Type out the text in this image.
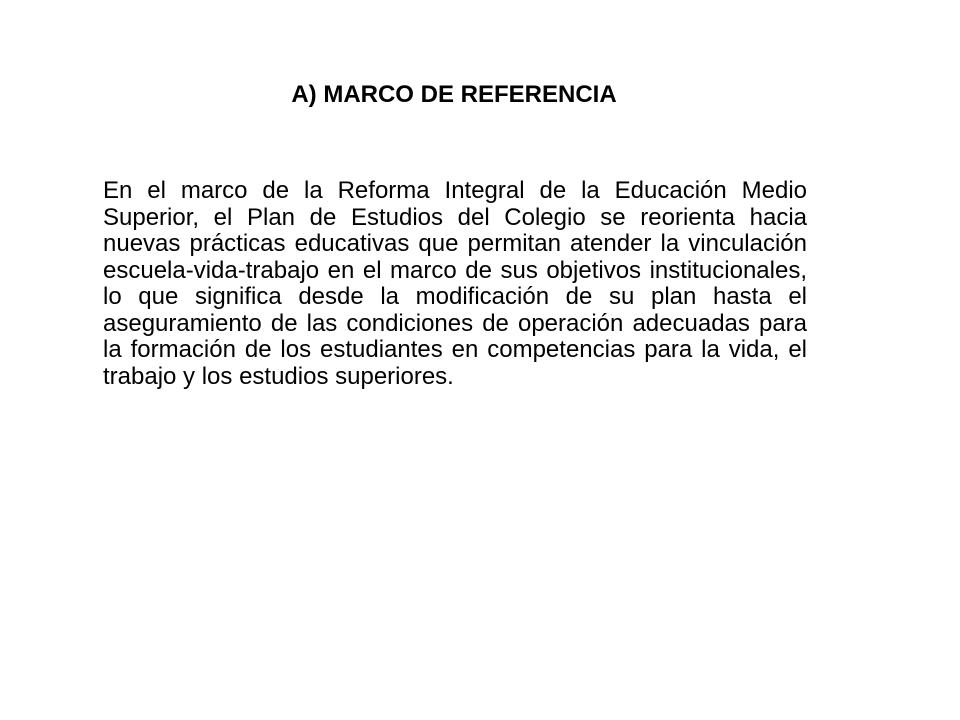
A) MARCO DE REFERENCIA

En el marco de la Reforma Integral de la Educación Medio Superior, el Plan de Estudios del Colegio se reorienta hacia nuevas prácticas educativas que permitan atender la vinculación escuela-vida-trabajo en el marco de sus objetivos institucionales, lo que significa desde la modificación de su plan hasta el aseguramiento de las condiciones de operación adecuadas para la formación de los estudiantes en competencias para la vida, el trabajo y los estudios superiores.
